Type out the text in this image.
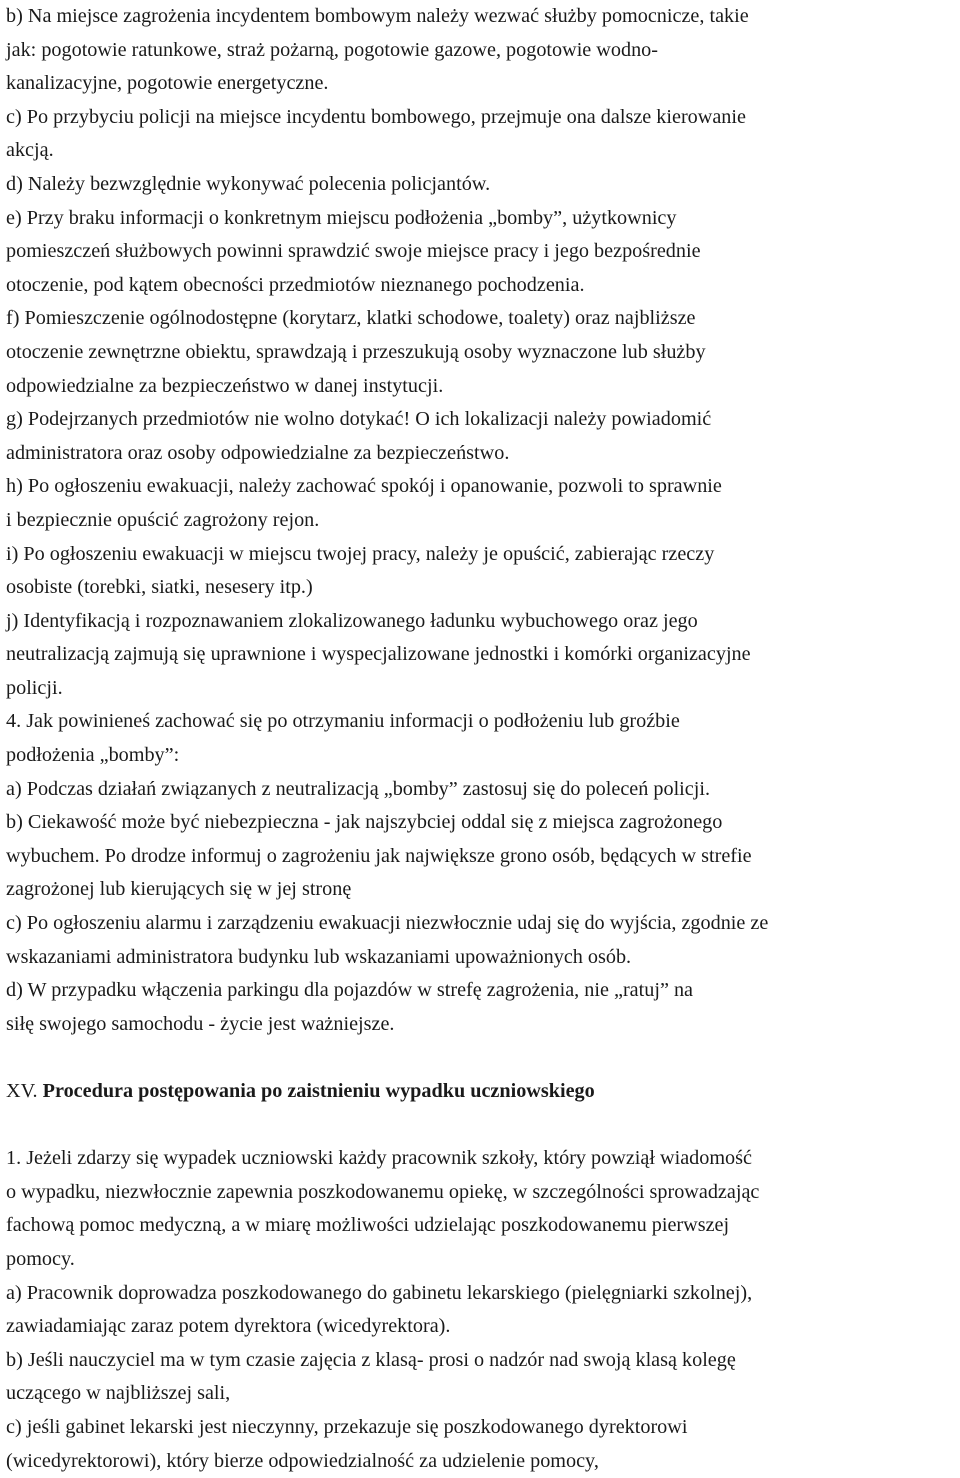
b) Na miejsce zagrożenia incydentem bombowym należy wezwać służby pomocnicze, takie
jak: pogotowie ratunkowe, straż pożarną, pogotowie gazowe, pogotowie wodno-
kanalizacyjne, pogotowie energetyczne.
c) Po przybyciu policji na miejsce incydentu bombowego, przejmuje ona dalsze kierowanie
akcją.
d) Należy bezwzględnie wykonywać polecenia policjantów.
e) Przy braku informacji o konkretnym miejscu podłożenia „bomby”, użytkownicy
pomieszczeń służbowych powinni sprawdzić swoje miejsce pracy i jego bezpośrednie
otoczenie, pod kątem obecności przedmiotów nieznanego pochodzenia.
f) Pomieszczenie ogólnodostępne (korytarz, klatki schodowe, toalety) oraz najbliższe
otoczenie zewnętrzne obiektu, sprawdzają i przeszukują osoby wyznaczone lub służby
odpowiedzialne za bezpieczeństwo w danej instytucji.
g) Podejrzanych przedmiotów nie wolno dotykać! O ich lokalizacji należy powiadomić
administratora oraz osoby odpowiedzialne za bezpieczeństwo.
h) Po ogłoszeniu ewakuacji, należy zachować spokój i opanowanie, pozwoli to sprawnie
i bezpiecznie opuścić zagrożony rejon.
i) Po ogłoszeniu ewakuacji w miejscu twojej pracy, należy je opuścić, zabierając rzeczy
osobiste (torebki, siatki, nesesery itp.)
j) Identyfikacją i rozpoznawaniem zlokalizowanego ładunku wybuchowego oraz jego
neutralizacją zajmują się uprawnione i wyspecjalizowane jednostki i komórki organizacyjne
policji.
4. Jak powinieneś zachować się po otrzymaniu informacji o podłożeniu lub groźbie
podłożenia „bomby”:
a) Podczas działań związanych z neutralizacją „bomby” zastosuj się do poleceń policji.
b) Ciekawość może być niebezpieczna - jak najszybciej oddal się z miejsca zagrożonego
wybuchem. Po drodze informuj o zagrożeniu jak największe grono osób, będących w strefie
zagrożonej lub kierujących się w jej stronę
c) Po ogłoszeniu alarmu i zarządzeniu ewakuacji niezwłocznie udaj się do wyjścia, zgodnie ze
wskazaniami administratora budynku lub wskazaniami upoważnionych osób.
d) W przypadku włączenia parkingu dla pojazdów w strefę zagrożenia, nie „ratuj” na
siłę swojego samochodu - życie jest ważniejsze.
XV. Procedura postępowania po zaistnieniu wypadku uczniowskiego
1. Jeżeli zdarzy się wypadek uczniowski każdy pracownik szkoły, który powziął wiadomość
o wypadku, niezwłocznie zapewnia poszkodowanemu opiekę, w szczególności sprowadzając
fachową pomoc medyczną, a w miarę możliwości udzielając poszkodowanemu pierwszej
pomocy.
a) Pracownik doprowadza poszkodowanego do gabinetu lekarskiego (pielęgniarki szkolnej),
zawiadamiając zaraz potem dyrektora (wicedyrektora).
b) Jeśli nauczyciel ma w tym czasie zajęcia z klasą- prosi o nadzór nad swoją klasą kolegę
uczącego w najbliższej sali,
c) jeśli gabinet lekarski jest nieczynny, przekazuje się poszkodowanego dyrektorowi
(wicedyrektorowi), który bierze odpowiedzialność za udzielenie pomocy,
